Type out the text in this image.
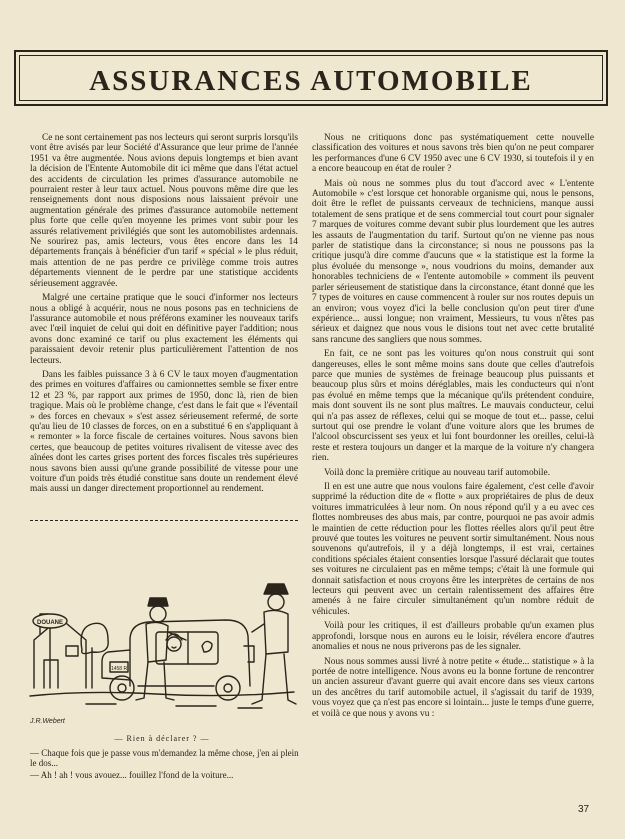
ASSURANCES AUTOMOBILE

Ce ne sont certainement pas nos lecteurs qui seront surpris lorsqu'ils vont être avisés par leur Société d'Assurance que leur prime de l'année 1951 va être augmentée. Nous avions depuis longtemps et bien avant la décision de l'Entente Automobile dit ici même que dans l'état actuel des accidents de circulation les primes d'assurance automobile ne pourraient rester à leur taux actuel. Nous pouvons même dire que les renseignements dont nous disposions nous laissaient prévoir une augmentation générale des primes d'assurance automobile nettement plus forte que celle qu'en moyenne les primes vont subir pour les assurés relativement privilégiés que sont les automobilistes ardennais. Ne sourirez pas, amis lecteurs, vous êtes encore dans les 14 départements français à bénéficier d'un tarif « spécial » le plus réduit, mais attention de ne pas perdre ce privilège comme trois autres départements viennent de le perdre par une statistique accidents sérieusement aggravée.

Malgré une certaine pratique que le souci d'informer nos lecteurs nous a obligé à acquérir, nous ne nous posons pas en techniciens de l'assurance automobile et nous préférons examiner les nouveaux tarifs avec l'œil inquiet de celui qui doit en définitive payer l'addition; nous avons donc examiné ce tarif ou plus exactement les éléments qui paraissaient devoir retenir plus particulièrement l'attention de nos lecteurs.

Dans les faibles puissance 3 à 6 CV le taux moyen d'augmentation des primes en voitures d'affaires ou camionnettes semble se fixer entre 12 et 23 %, par rapport aux primes de 1950, donc là, rien de bien tragique. Mais où le problème change, c'est dans le fait que « l'éventail » des forces en chevaux » s'est assez sérieusement refermé, de sorte qu'au lieu de 10 classes de forces, on en a substitué 6 en s'appliquant à « remonter » la force fiscale de certaines voitures. Nous savons bien certes, que beaucoup de petites voitures rivalisent de vitesse avec des aînées dont les cartes grises portent des forces fiscales très supérieures nous savons bien aussi qu'une grande possibilité de vitesse pour une voiture d'un poids très étudié constitue sans doute un rendement élevé mais aussi un danger directement proportionnel au rendement.

DOUANE
1458 R
J.R.Webert
— Rien à déclarer ? —
— Chaque fois que je passe vous m'demandez la même chose, j'en ai plein le dos...
— Ah ! ah ! vous avouez... fouillez l'fond de la voiture...

Nous ne critiquons donc pas systématiquement cette nouvelle classification des voitures et nous savons très bien qu'on ne peut comparer les performances d'une 6 CV 1950 avec une 6 CV 1930, si toutefois il y en a encore beaucoup en état de rouler ?

Mais où nous ne sommes plus du tout d'accord avec « L'entente Automobile » c'est lorsque cet honorable organisme qui, nous le pensons, doit être le reflet de puissants cerveaux de techniciens, manque aussi totalement de sens pratique et de sens commercial tout court pour signaler 7 marques de voitures comme devant subir plus lourdement que les autres les assauts de l'augmentation du tarif. Surtout qu'on ne vienne pas nous parler de statistique dans la circonstance; si nous ne poussons pas la critique jusqu'à dire comme d'aucuns que « la statistique est la forme la plus évoluée du mensonge », nous voudrions du moins, demander aux honorables techniciens de « l'entente automobile » comment ils peuvent parler sérieusement de statistique dans la circonstance, étant donné que les 7 types de voitures en cause commencent à rouler sur nos routes depuis un an environ; vous voyez d'ici la belle conclusion qu'on peut tirer d'une expérience... aussi longue; non vraiment, Messieurs, tu vous n'êtes pas sérieux et daignez que nous vous le disions tout net avec cette brutalité sans rancune des sangliers que nous sommes.

En fait, ce ne sont pas les voitures qu'on nous construit qui sont dangereuses, elles le sont même moins sans doute que celles d'autrefois parce que munies de systèmes de freinage beaucoup plus puissants et beaucoup plus sûrs et moins déréglables, mais les conducteurs qui n'ont pas évolué en même temps que la mécanique qu'ils prétendent conduire, mais dont souvent ils ne sont plus maîtres. Le mauvais conducteur, celui qui n'a pas assez de réflexes, celui qui se moque de tout et... passe, celui surtout qui ose prendre le volant d'une voiture alors que les brumes de l'alcool obscurcissent ses yeux et lui font bourdonner les oreilles, celui-là reste et restera toujours un danger et la marque de la voiture n'y changera rien.

Voilà donc la première critique au nouveau tarif automobile.

Il en est une autre que nous voulons faire également, c'est celle d'avoir supprimé la réduction dite de « flotte » aux propriétaires de plus de deux voitures immatriculées à leur nom. On nous répond qu'il y a eu avec ces flottes nombreuses des abus mais, par contre, pourquoi ne pas avoir admis le maintien de cette réduction pour les flottes réelles alors qu'il peut être prouvé que toutes les voitures ne peuvent sortir simultanément. Nous nous souvenons qu'autrefois, il y a déjà longtemps, il est vrai, certaines conditions spéciales étaient consenties lorsque l'assuré déclarait que toutes ses voitures ne circulaient pas en même temps; c'était là une formule qui donnait satisfaction et nous croyons être les interprètes de certains de nos lecteurs qui peuvent avec un certain ralentissement des affaires être amenés à ne faire circuler simultanément qu'un nombre réduit de véhicules.

Voilà pour les critiques, il est d'ailleurs probable qu'un examen plus approfondi, lorsque nous en aurons eu le loisir, révélera encore d'autres anomalies et nous ne nous priverons pas de les signaler.

Nous nous sommes aussi livré à notre petite « étude... statistique » à la portée de notre intelligence. Nous avons eu la bonne fortune de rencontrer un ancien assureur d'avant guerre qui avait encore dans ses vieux cartons un des ancêtres du tarif automobile actuel, il s'agissait du tarif de 1939, vous voyez que ça n'est pas encore si lointain... juste le temps d'une guerre, et voilà ce que nous y avons vu :

37
